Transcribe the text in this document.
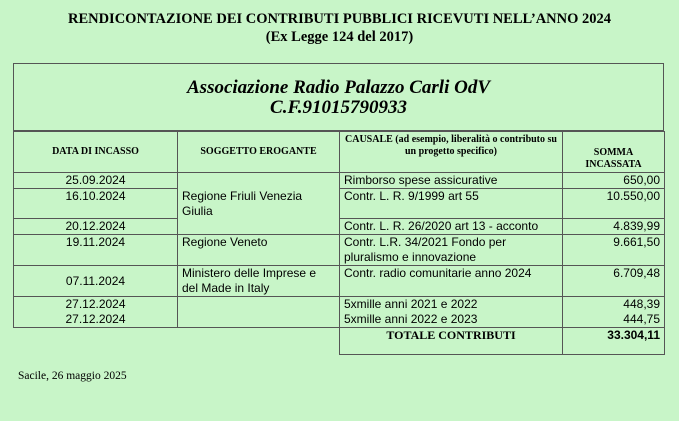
RENDICONTAZIONE DEI CONTRIBUTI PUBBLICI RICEVUTI NELL’ANNO 2024
(Ex Legge 124 del 2017)
Associazione Radio Palazzo Carli OdV
C.F.91015790933
DATA DI INCASSO	SOGGETTO EROGANTE	CAUSALE (ad esempio, liberalità o contributo su un progetto specifico)	SOMMA INCASSATA
25.09.2024		Rimborso spese assicurative	650,00
16.10.2024	Regione Friuli Venezia Giulia	Contr. L. R. 9/1999 art 55	10.550,00
20.12.2024		Contr. L. R. 26/2020 art 13 - acconto	4.839,99
19.11.2024	Regione Veneto	Contr. L.R. 34/2021 Fondo per pluralismo e innovazione	9.661,50
07.11.2024	Ministero delle Imprese e del Made in Italy	Contr. radio comunitarie anno 2024	6.709,48
27.12.2024		5xmille anni 2021 e 2022	448,39
27.12.2024		5xmille anni 2022 e 2023	444,75
		TOTALE CONTRIBUTI	33.304,11
Sacile, 26 maggio 2025
